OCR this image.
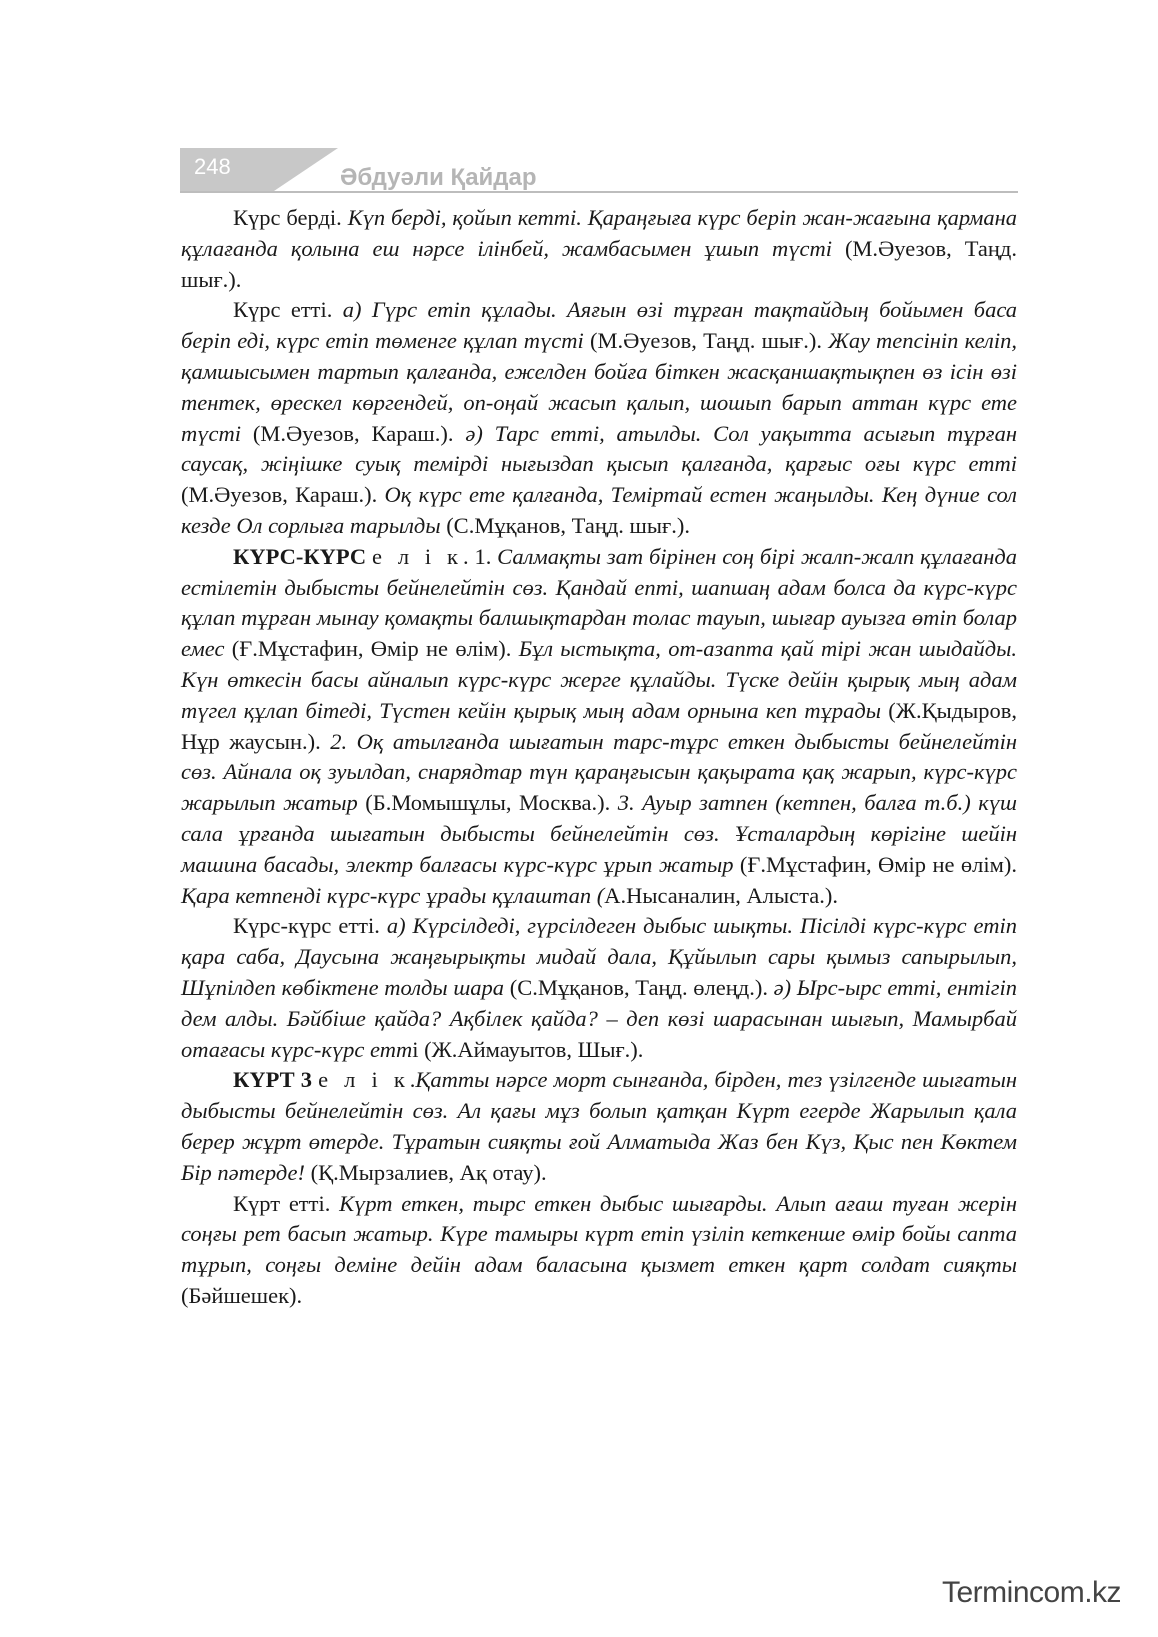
248	Әбдуәли Қайдар

Күрс берді. Күп берді, қойып кетті. Қараңғыға күрс беріп жан-жағына қармана құлағанда қолына еш нәрсе ілінбей, жамбасымен ұшып түсті (М.Әуезов, Таңд. шығ.).

Күрс етті. а) Гүрс етіп құлады. Аяғын өзі тұрған тақтайдың бойымен баса беріп еді, күрс етіп төменге құлап түсті (М.Әуезов, Таңд. шығ.). Жау тепсініп келіп, қамшысымен тартып қалғанда, ежелден бойға біткен жасқаншақтықпен өз ісін өзі тентек, өрескел көргендей, оп-оңай жасып қалып, шошып барып аттан күрс ете түсті (М.Әуезов, Караш.). ә) Тарс етті, атылды. Сол уақытта асығып тұрған саусақ, жіңішке суық темірді нығыздап қысып қалғанда, қарғыс оғы күрс етті (М.Әуезов, Караш.). Оқ күрс ете қалғанда, Теміртай естен жаңылды. Кең дүние сол кезде Ол сорлыға тарылды (С.Мұқанов, Таңд. шығ.).

КҮРС-КҮРС е л і к. 1. Салмақты зат бірінен соң бірі жалп-жалп құлағанда естілетін дыбысты бейнелейтін сөз. Қандай епті, шапшаң адам болса да күрс-күрс құлап тұрған мынау қомақты балшықтардан толас тауып, шығар ауызға өтіп болар емес (Ғ.Мұстафин, Өмір не өлім). Бұл ыстықта, от-азапта қай тірі жан шыдайды. Күн өткесін басы айналып күрс-күрс жерге құлайды. Түске дейін қырық мың адам түгел құлап бітеді, Түстен кейін қырық мың адам орнына кеп тұрады (Ж.Қыдыров, Нұр жаусын.). 2. Оқ атылғанда шығатын тарс-тұрс еткен дыбысты бейнелейтін сөз. Айнала оқ зуылдап, снарядтар түн қараңғысын қақырата қақ жарып, күрс-күрс жарылып жатыр (Б.Момышұлы, Москва.). 3. Ауыр затпен (кетпен, балға т.б.) күш сала ұрғанда шығатын дыбысты бейнелейтін сөз. Ұсталардың көрігіне шейін машина басады, электр балғасы күрс-күрс ұрып жатыр (Ғ.Мұстафин, Өмір не өлім). Қара кетпенді күрс-күрс ұрады құлаштап (А.Нысаналин, Алыста.).

Күрс-күрс етті. а) Күрсілдеді, гүрсілдеген дыбыс шықты. Пісілді күрс-күрс етіп қара саба, Даусына жаңғырықты мидай дала, Құйылып сары қымыз сапырылып, Шұпілдеп көбіктене толды шара (С.Мұқанов, Таңд. өлеңд.). ә) Ырс-ырс етті, ентігіп дем алды. Бәйбіше қайда? Ақбілек қайда? – деп көзі шарасынан шығып, Мамырбай отағасы күрс-күрс етті (Ж.Аймауытов, Шығ.).

КҮРТ 3 е л і к.Қатты нәрсе морт сынғанда, бірден, тез үзілгенде шығатын дыбысты бейнелейтін сөз. Ал қағы мұз болып қатқан Күрт егерде Жарылып қала берер жұрт өтерде. Тұратын сияқты ғой Алматыда Жаз бен Күз, Қыс пен Көктем Бір пәтерде! (Қ.Мырзалиев, Ақ отау).

Күрт етті. Күрт еткен, тырс еткен дыбыс шығарды. Алып ағаш туған жерін соңғы рет басып жатыр. Күре тамыры күрт етіп үзіліп кеткенше өмір бойы сапта тұрып, соңғы деміне дейін адам баласына қызмет еткен қарт солдат сияқты (Бәйшешек).

Termincom.kz
